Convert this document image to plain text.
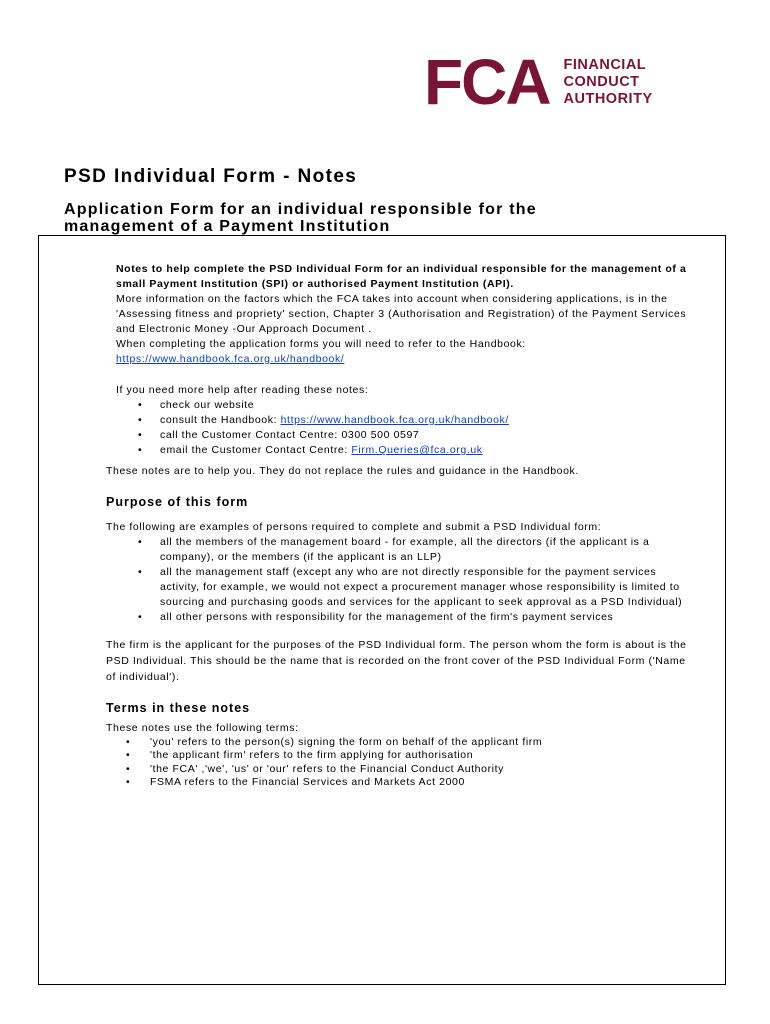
FCA FINANCIAL
CONDUCT
AUTHORITY
PSD Individual Form - Notes
Application Form for an individual responsible for the management of a Payment Institution

Notes to help complete the PSD Individual Form for an individual responsible for the management of a small Payment Institution (SPI) or authorised Payment Institution (API).

More information on the factors which the FCA takes into account when considering applications, is in the 'Assessing fitness and propriety' section, Chapter 3 (Authorisation and Registration) of the Payment Services and Electronic Money -Our Approach Document .

When completing the application forms you will need to refer to the Handbook:

https://www.handbook.fca.org.uk/handbook/

If you need more help after reading these notes:

• check our website
• consult the Handbook: https://www.handbook.fca.org.uk/handbook/
• call the Customer Contact Centre: 0300 500 0597
• email the Customer Contact Centre: Firm.Queries@fca.org.uk

These notes are to help you. They do not replace the rules and guidance in the Handbook.

Purpose of this form

The following are examples of persons required to complete and submit a PSD Individual form:

• all the members of the management board - for example, all the directors (if the applicant is a company), or the members (if the applicant is an LLP)
• all the management staff (except any who are not directly responsible for the payment services activity, for example, we would not expect a procurement manager whose responsibility is limited to sourcing and purchasing goods and services for the applicant to seek approval as a PSD Individual)
• all other persons with responsibility for the management of the firm's payment services

The firm is the applicant for the purposes of the PSD Individual form. The person whom the form is about is the PSD Individual. This should be the name that is recorded on the front cover of the PSD Individual Form ('Name of individual').

Terms in these notes

These notes use the following terms:

• 'you' refers to the person(s) signing the form on behalf of the applicant firm
• 'the applicant firm' refers to the firm applying for authorisation
• 'the FCA' ,'we', 'us' or 'our' refers to the Financial Conduct Authority
• FSMA refers to the Financial Services and Markets Act 2000
